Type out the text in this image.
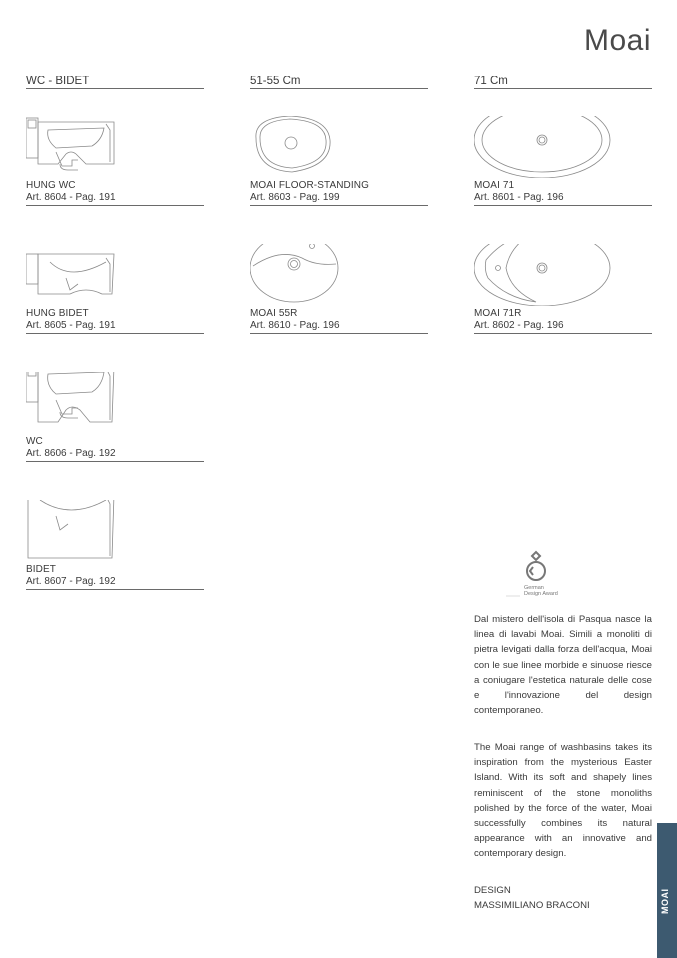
Moai
WC - BIDET	51-55 Cm	71 Cm
HUNG WC
Art. 8604 - Pag. 191
HUNG BIDET
Art. 8605 - Pag. 191
WC
Art. 8606 - Pag. 192
BIDET
Art. 8607 - Pag. 192
MOAI FLOOR-STANDING
Art. 8603 - Pag. 199
MOAI 55R
Art. 8610 - Pag. 196
MOAI 71
Art. 8601 - Pag. 196
MOAI 71R
Art. 8602 - Pag. 196
German
Design Award

Dal mistero dell'isola di Pasqua nasce la linea di lavabi Moai. Simili a monoliti di pietra levigati dalla forza dell'acqua, Moai con le sue linee morbide e sinuose riesce a coniugare l'estetica naturale delle cose e l'innovazione del design contemporaneo.

The Moai range of washbasins takes its inspiration from the mysterious Easter Island. With its soft and shapely lines reminiscent of the stone monoliths polished by the force of the water, Moai successfully combines its natural appearance with an innovative and contemporary design.

DESIGN
MASSIMILIANO BRACONI	MOAI
